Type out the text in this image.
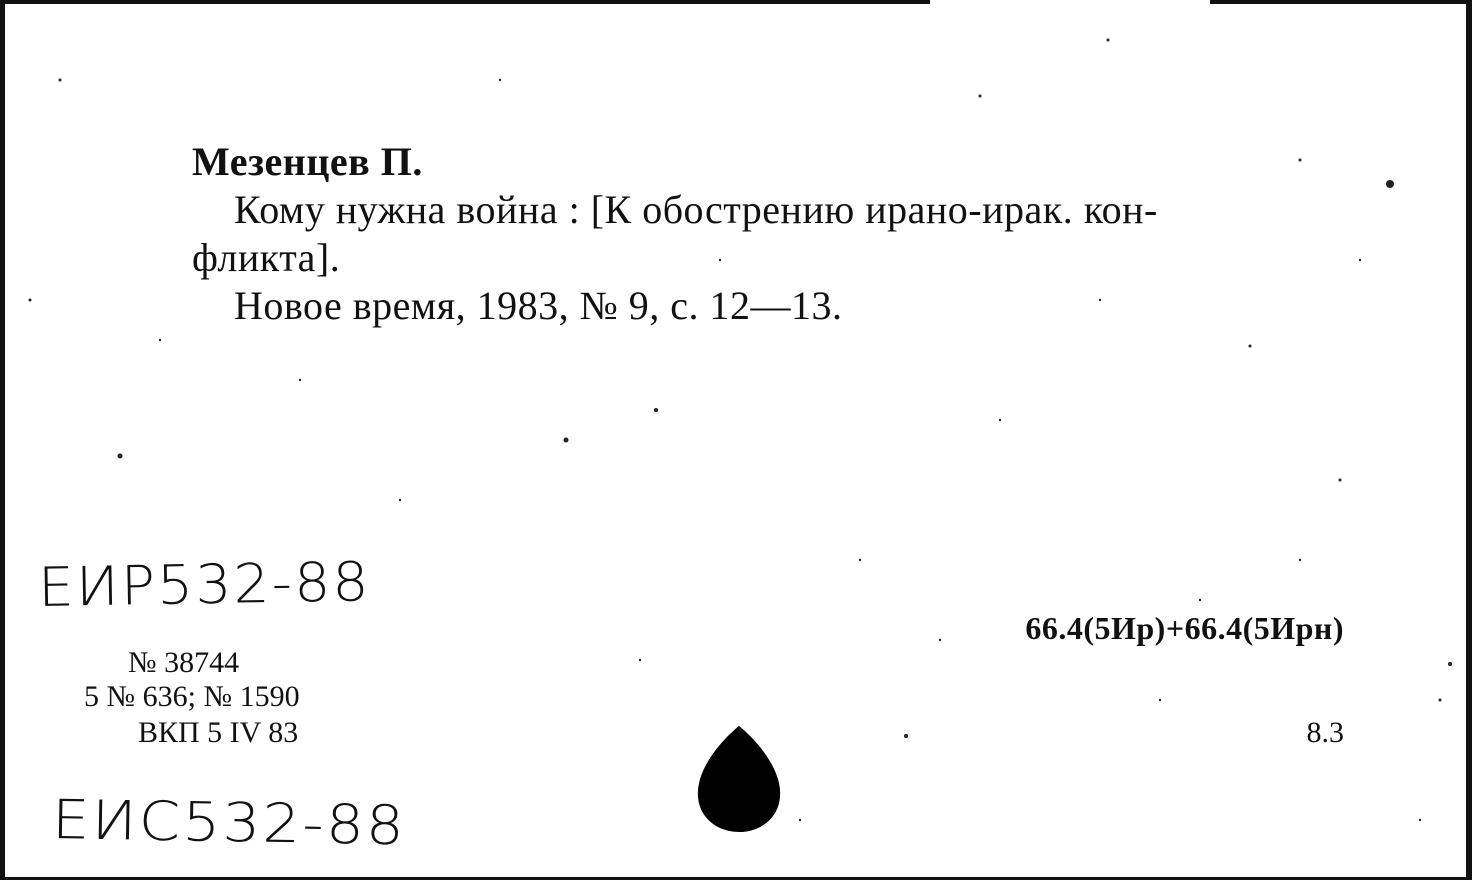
Мезенцев П.
Кому нужна война : [К обострению ирано-ирак. кон-
фликта].
Новое время, 1983, № 9, с. 12—13.
ЕИР532-88
№ 38744
5 № 636; № 1590
ВКП 5 IV 83
ЕИС532-88
66.4(5Ир)+66.4(5Ирн)
8.3
